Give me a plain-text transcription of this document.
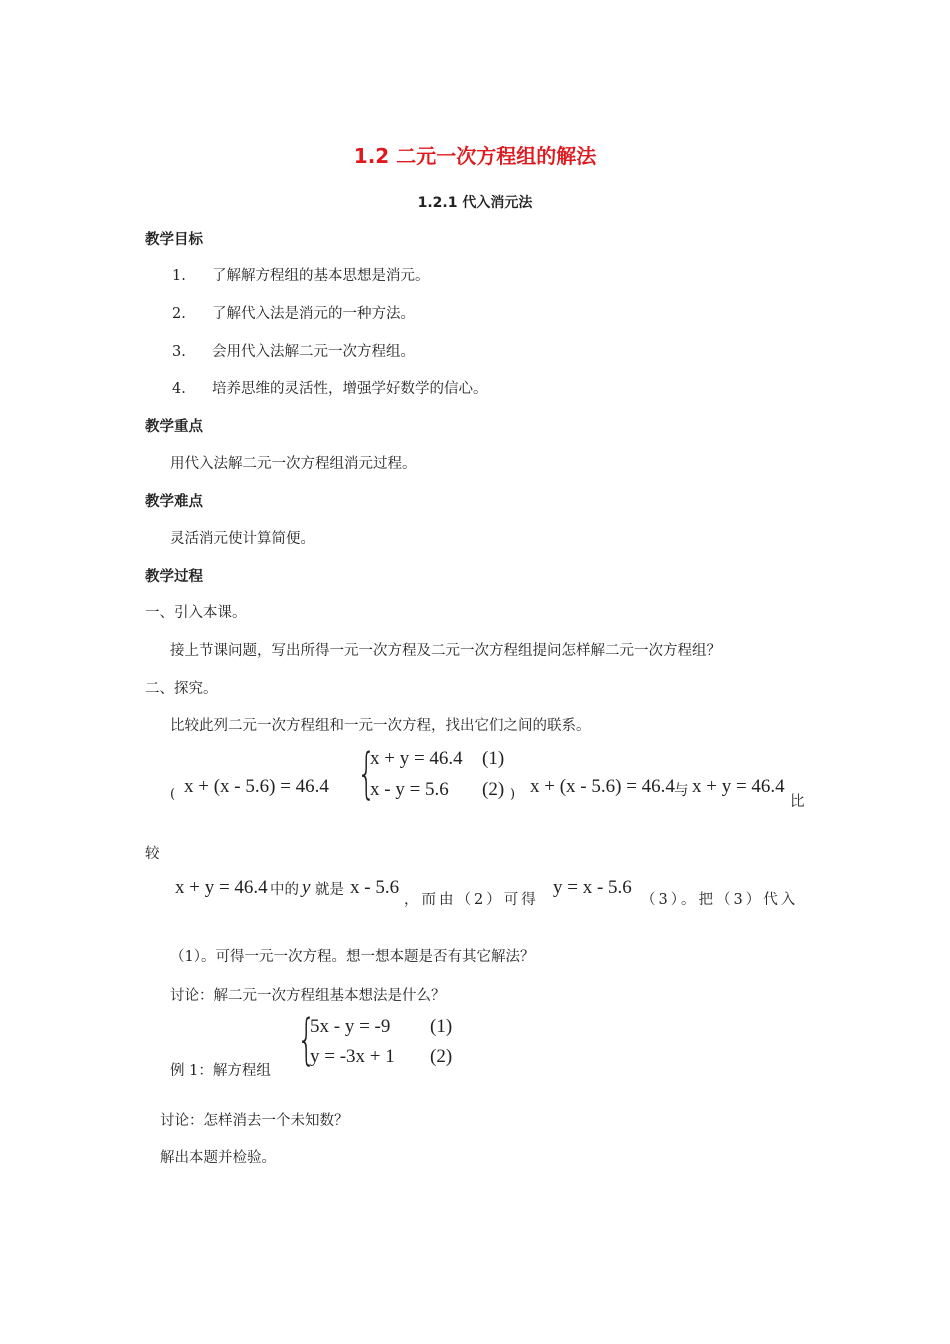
1.2 二元一次方程组的解法
1.2.1 代入消元法
教学目标
1. 了解解方程组的基本思想是消元。
2. 了解代入法是消元的一种方法。
3. 会用代入法解二元一次方程组。
4. 培养思维的灵活性，增强学好数学的信心。
教学重点
用代入法解二元一次方程组消元过程。
教学难点
灵活消元使计算简便。
教学过程
一、引入本课。
接上节课问题，写出所得一元一次方程及二元一次方程组提问怎样解二元一次方程组？
二、探究。
比较此列二元一次方程组和一元一次方程，找出它们之间的联系。
( x + (x - 5.6) = 46.4 {
x + y = 46.4 (1)
x - y = 5.6 (2) ) x + (x - 5.6) = 46.4 与 x + y = 46.4
比
较
x + y = 46.4 中的 y 就是 x - 5.6
，而由（2）可得
y = x - 5.6
（3）。把（3）代入
（1）。可得一元一次方程。想一想本题是否有其它解法？
讨论：解二元一次方程组基本想法是什么？
{
5x - y = -9 (1)
y = -3x + 1 (2)
例 1：解方程组
讨论：怎样消去一个未知数？
解出本题并检验。
